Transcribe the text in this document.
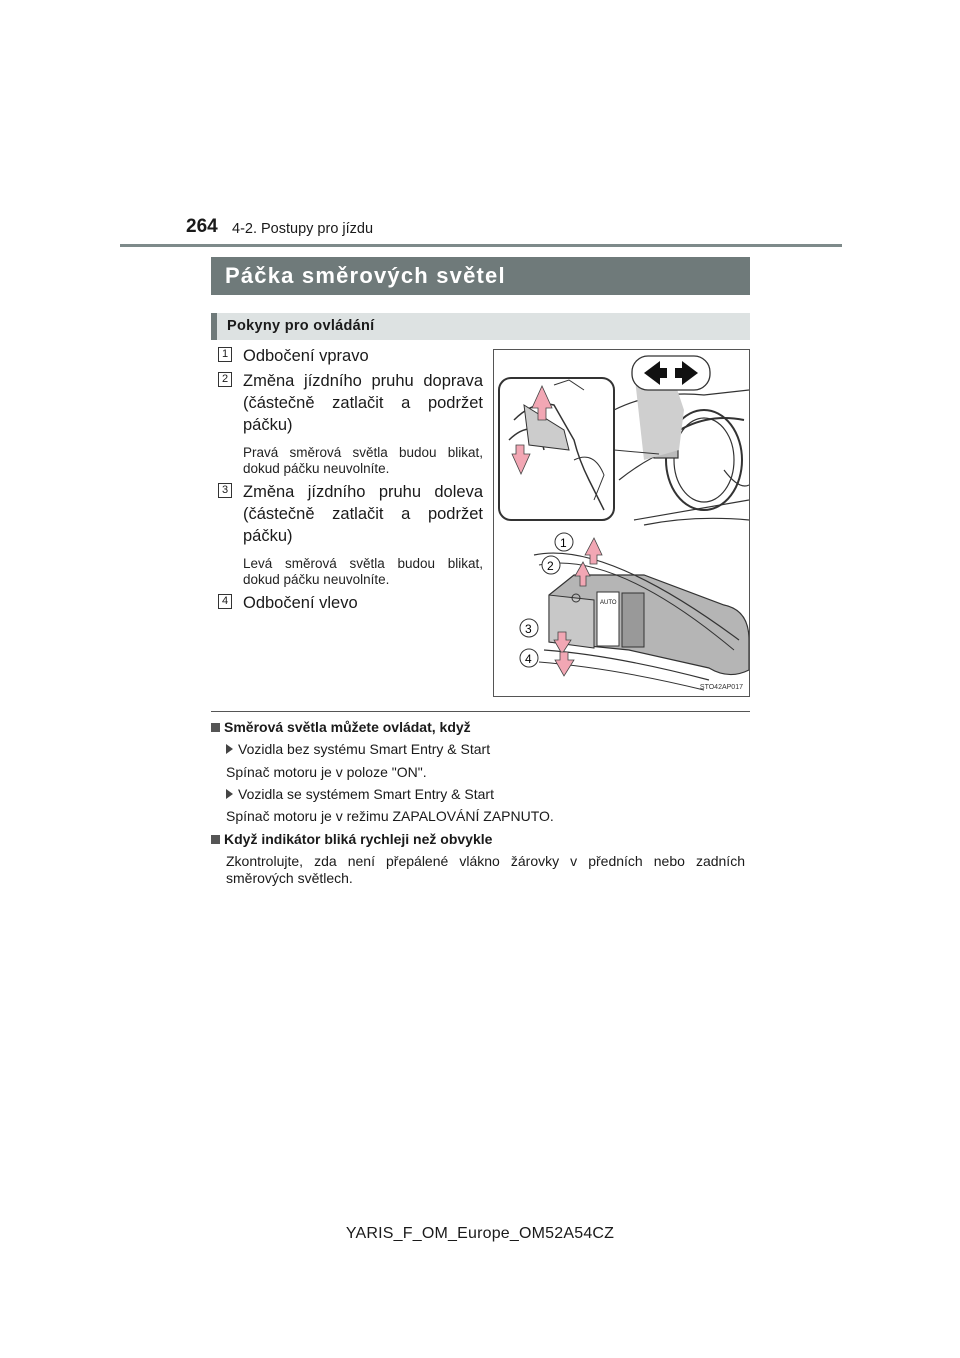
264 4-2. Postupy pro jízdu
Páčka směrových světel
Pokyny pro ovládání
1 Odbočení vpravo
2 Změna jízdního pruhu doprava (částečně zatlačit a podržet páčku)
Pravá směrová světla budou blikat, dokud páčku neuvolníte.
3 Změna jízdního pruhu doleva (částečně zatlačit a podržet páčku)
Levá směrová světla budou blikat, dokud páčku neuvolníte.
4 Odbočení vlevo	AUTO
1
2
3
4
STO42AP017
Směrová světla můžete ovládat, když
Vozidla bez systému Smart Entry & Start
Spínač motoru je v poloze "ON".
Vozidla se systémem Smart Entry & Start
Spínač motoru je v režimu ZAPALOVÁNÍ ZAPNUTO.
Když indikátor bliká rychleji než obvykle
Zkontrolujte, zda není přepálené vlákno žárovky v předních nebo zadních směrových světlech.
YARIS_F_OM_Europe_OM52A54CZ
